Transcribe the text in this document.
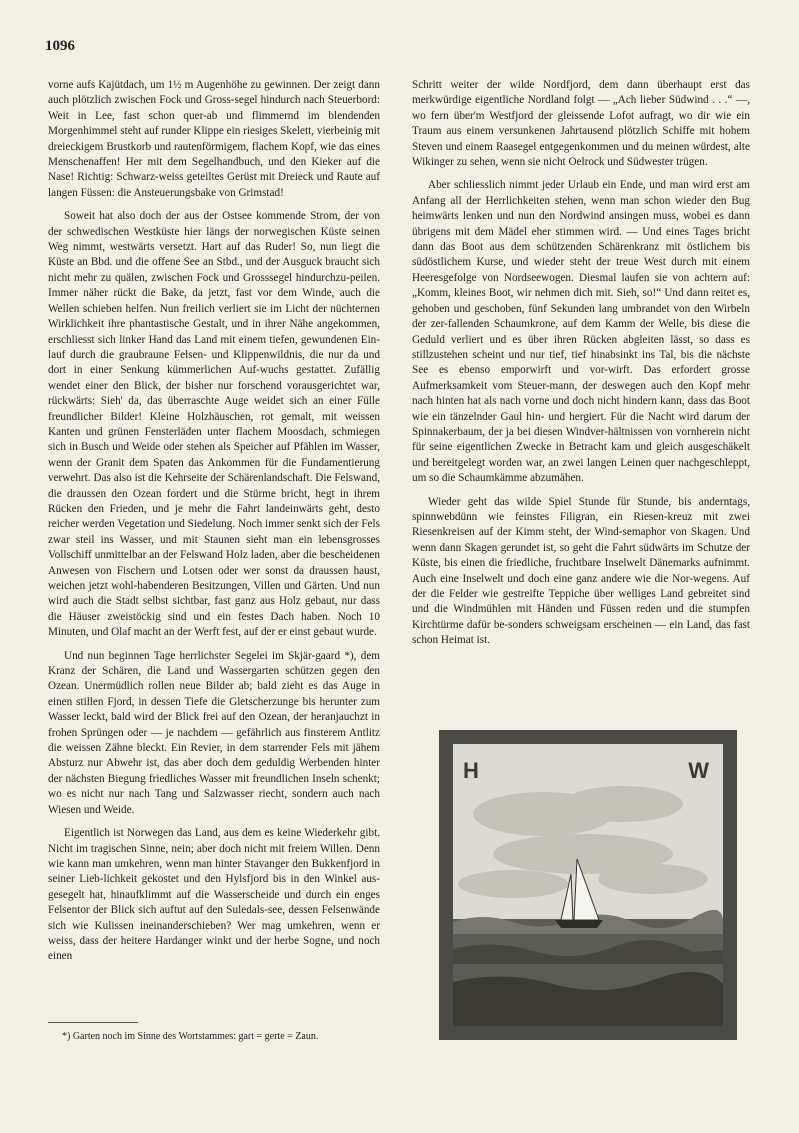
1096

vorne aufs Kajütdach, um 1½ m Augenhöhe zu gewinnen. Der zeigt dann auch plötzlich zwischen Fock und Gross-segel hindurch nach Steuerbord: Weit in Lee, fast schon quer-ab und flimmernd im blendenden Morgenhimmel steht auf runder Klippe ein riesiges Skelett, vierbeinig mit dreieckigem Brustkorb und rautenförmigem, flachem Kopf, wie das eines Menschenaffen! Her mit dem Segelhandbuch, und den Kieker auf die Nase! Richtig: Schwarz-weiss geteiltes Gerüst mit Dreieck und Raute auf langen Füssen: die Ansteuerungsbake von Grimstad!

Soweit hat also doch der aus der Ostsee kommende Strom, der von der schwedischen Westküste hier längs der norwegischen Küste seinen Weg nimmt, westwärts versetzt. Hart auf das Ruder! So, nun liegt die Küste an Bbd. und die offene See an Stbd., und der Ausguck braucht sich nicht mehr zu quälen, zwischen Fock und Grosssegel hindurchzu-peilen. Immer näher rückt die Bake, da jetzt, fast vor dem Winde, auch die Wellen schieben helfen. Nun freilich verliert sie im Licht der nüchternen Wirklichkeit ihre phantastische Gestalt, und in ihrer Nähe angekommen, erschliesst sich linker Hand das Land mit einem tiefen, gewundenen Ein-lauf durch die graubraune Felsen- und Klippenwildnis, die nur da und dort in einer Senkung kümmerlichen Auf-wuchs gestattet. Zufällig wendet einer den Blick, der bisher nur forschend vorausgerichtet war, rückwärts: Sieh' da, das überraschte Auge weidet sich an einer Fülle freundlicher Bilder! Kleine Holzhäuschen, rot gemalt, mit weissen Kanten und grünen Fensterläden unter flachem Moosdach, schmiegen sich in Busch und Weide oder stehen als Speicher auf Pfählen im Wasser, wenn der Granit dem Spaten das Ankommen für die Fundamentierung verwehrt. Das also ist die Kehrseite der Schärenlandschaft. Die Felswand, die draussen den Ozean fordert und die Stürme bricht, hegt in ihrem Rücken den Frieden, und je mehr die Fahrt landeinwärts geht, desto reicher werden Vegetation und Siedelung. Noch immer senkt sich der Fels zwar steil ins Wasser, und mit Staunen sieht man ein lebensgrosses Vollschiff unmittelbar an der Felswand Holz laden, aber die bescheidenen Anwesen von Fischern und Lotsen oder wer sonst da draussen haust, weichen jetzt wohl-habenderen Besitzungen, Villen und Gärten. Und nun wird auch die Stadt selbst sichtbar, fast ganz aus Holz gebaut, nur dass die Häuser zweistöckig sind und ein festes Dach haben. Noch 10 Minuten, und Olaf macht an der Werft fest, auf der er einst gebaut wurde.

Und nun beginnen Tage herrlichster Segelei im Skjär-gaard *), dem Kranz der Schären, die Land und Wassergarten schützen gegen den Ozean. Unermüdlich rollen neue Bilder ab; bald zieht es das Auge in einen stillen Fjord, in dessen Tiefe die Gletscherzunge bis herunter zum Wasser leckt, bald wird der Blick frei auf den Ozean, der heranjauchzt in frohen Sprüngen oder — je nachdem — gefährlich aus finsterem Antlitz die weissen Zähne bleckt. Ein Revier, in dem starrender Fels mit jähem Absturz nur Abwehr ist, das aber doch dem geduldig Werbenden hinter der nächsten Biegung friedliches Wasser mit freundlichen Inseln schenkt; wo es nicht nur nach Tang und Salzwasser riecht, sondern auch nach Wiesen und Weide.

Eigentlich ist Norwegen das Land, aus dem es keine Wiederkehr gibt. Nicht im tragischen Sinne, nein; aber doch nicht mit freiem Willen. Denn wie kann man umkehren, wenn man hinter Stavanger den Bukkenfjord in seiner Lieb-lichkeit gekostet und den Hylsfjord bis in den Winkel aus-gesegelt hat, hinaufklimmt auf die Wasserscheide und durch ein enges Felsentor der Blick sich auftut auf den Suledals-see, dessen Felsenwände sich wie Kulissen ineinanderschieben? Wer mag umkehren, wenn er weiss, dass der heitere Hardanger winkt und der herbe Sogne, und noch einen

Schritt weiter der wilde Nordfjord, dem dann überhaupt erst das merkwürdige eigentliche Nordland folgt — „Ach lieber Südwind . . .“ —, wo fern über'm Westfjord der gleissende Lofot aufragt, wo dir wie ein Traum aus einem versunkenen Jahrtausend plötzlich Schiffe mit hohem Steven und einem Raasegel entgegenkommen und du meinen würdest, alte Wikinger zu sehen, wenn sie nicht Oelrock und Südwester trügen.

Aber schliesslich nimmt jeder Urlaub ein Ende, und man wird erst am Anfang all der Herrlichkeiten stehen, wenn man schon wieder den Bug heimwärts lenken und nun den Nordwind ansingen muss, wobei es dann übrigens mit dem Mädel eher stimmen wird. — Und eines Tages bricht dann das Boot aus dem schützenden Schärenkranz mit östlichem bis südöstlichem Kurse, und wieder steht der treue West durch mit einem Heeresgefolge von Nordseewogen. Diesmal laufen sie von achtern auf: „Komm, kleines Boot, wir nehmen dich mit. Sieh, so!“ Und dann reitet es, gehoben und geschoben, fünf Sekunden lang umbrandet von den Wirbeln der zer-fallenden Schaumkrone, auf dem Kamm der Welle, bis diese die Geduld verliert und es über ihren Rücken abgleiten lässt, so dass es stillzustehen scheint und nur tief, tief hinabsinkt ins Tal, bis die nächste See es ebenso emporwirft und vor-wirft. Das erfordert grosse Aufmerksamkeit vom Steuer-mann, der deswegen auch den Kopf mehr nach hinten hat als nach vorne und doch nicht hindern kann, dass das Boot wie ein tänzelnder Gaul hin- und hergiert. Für die Nacht wird darum der Spinnakerbaum, der ja bei diesen Windver-hältnissen von vornherein nicht für seine eigentlichen Zwecke in Betracht kam und gleich ausgeschäkelt und bereitgelegt worden war, an zwei langen Leinen quer nachgeschleppt, um so die Schaumkämme abzumähen.

Wieder geht das wilde Spiel Stunde für Stunde, bis anderntags, spinnwebdünn wie feinstes Filigran, ein Riesen-kreuz mit zwei Riesenkreisen auf der Kimm steht, der Wind-semaphor von Skagen. Und wenn dann Skagen gerundet ist, so geht die Fahrt südwärts im Schutze der Küste, bis einen die friedliche, fruchtbare Inselwelt Dänemarks aufnimmt. Auch eine Inselwelt und doch eine ganz andere wie die Nor-wegens. Auf der die Felder wie gestreifte Teppiche über welliges Land gebreitet sind und die Windmühlen mit Händen und Füssen reden und die stumpfen Kirchtürme dafür be-sonders schweigsam erscheinen — ein Land, das fast schon Heimat ist.

*) Garten noch im Sinne des Wortstammes: gart = gerte = Zaun.
H	W
